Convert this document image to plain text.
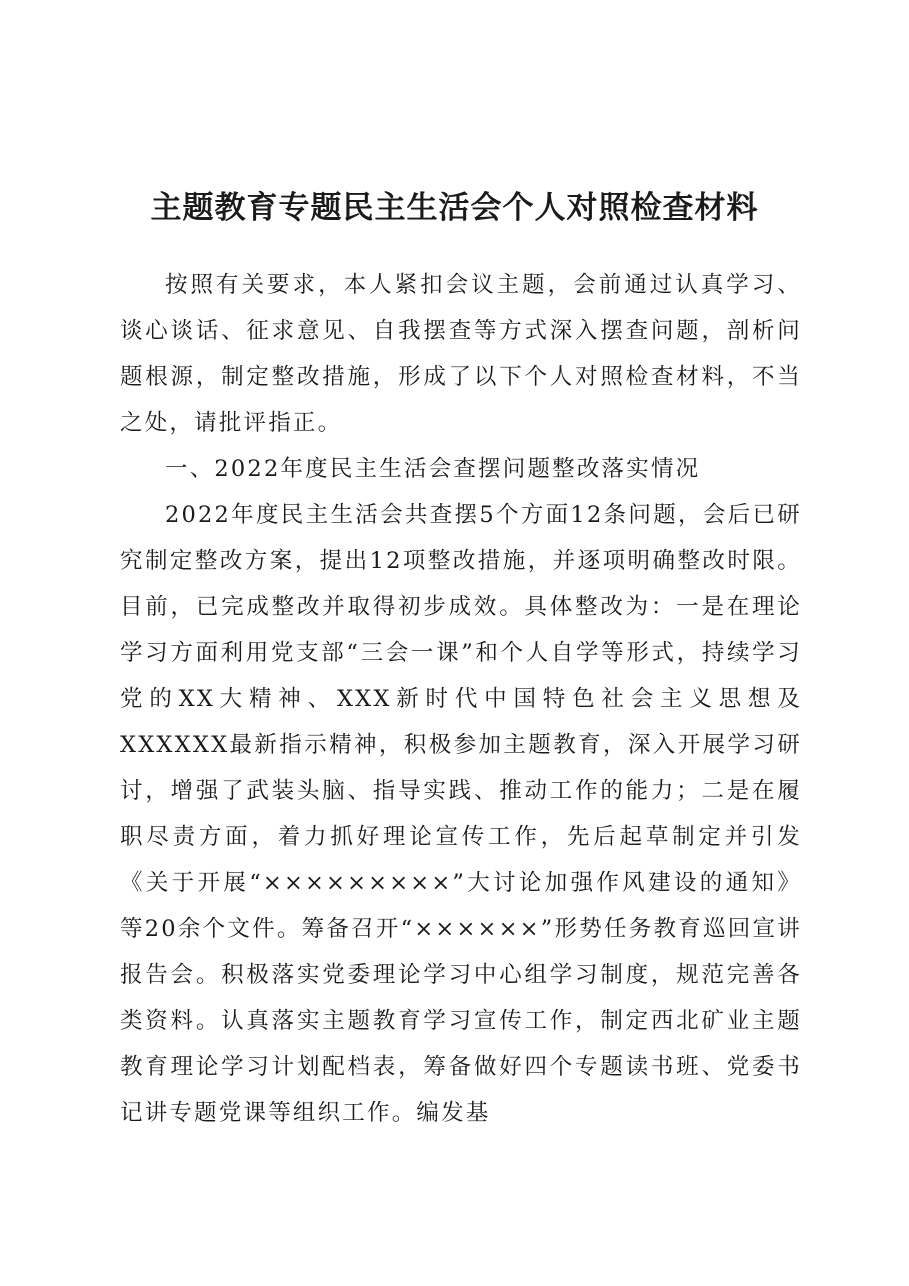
主题教育专题民主生活会个人对照检查材料

按照有关要求，本人紧扣会议主题，会前通过认真学习、谈心谈话、征求意见、自我摆查等方式深入摆查问题，剖析问题根源，制定整改措施，形成了以下个人对照检查材料，不当之处，请批评指正。

一、2022年度民主生活会查摆问题整改落实情况

2022年度民主生活会共查摆5个方面12条问题，会后已研究制定整改方案，提出12项整改措施，并逐项明确整改时限。目前，已完成整改并取得初步成效。具体整改为：一是在理论学习方面利用党支部“三会一课”和个人自学等形式，持续学习党的XX大精神、XXX新时代中国特色社会主义思想及XXXXXX最新指示精神，积极参加主题教育，深入开展学习研讨，增强了武装头脑、指导实践、推动工作的能力；二是在履职尽责方面，着力抓好理论宣传工作，先后起草制定并引发《关于开展“×××××××××”大讨论加强作风建设的通知》等20余个文件。筹备召开“××××××”形势任务教育巡回宣讲报告会。积极落实党委理论学习中心组学习制度，规范完善各类资料。认真落实主题教育学习宣传工作，制定西北矿业主题教育理论学习计划配档表，筹备做好四个专题读书班、党委书记讲专题党课等组织工作。编发基
